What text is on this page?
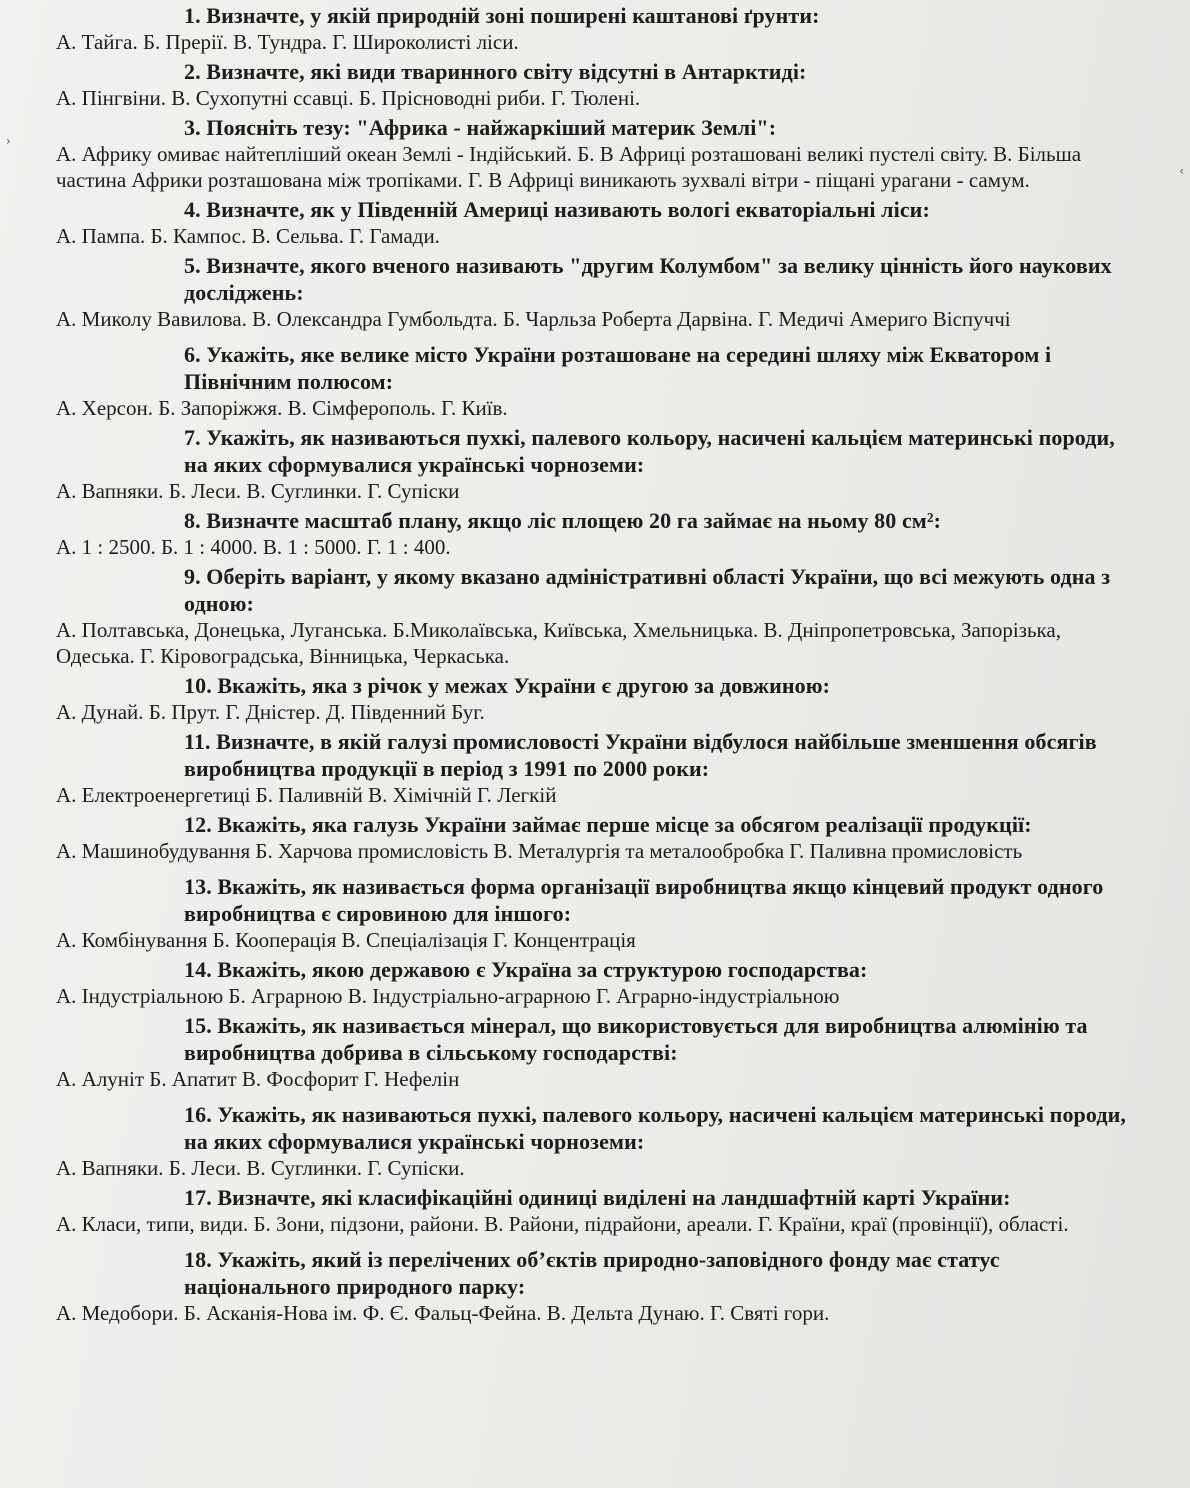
›
‹
1. Визначте, у якій природній зоні поширені каштанові ґрунти:
А. Тайга. Б. Прерії. В. Тундра. Г. Широколисті ліси.
2. Визначте, які види тваринного світу відсутні в Антарктиді:
А. Пінгвіни. В. Сухопутні ссавці. Б. Прісноводні риби. Г. Тюлені.
3. Поясніть тезу: "Африка - найжаркіший материк Землі":
А. Африку омиває найтепліший океан Землі - Індійський. Б. В Африці розташовані великі пустелі світу. В. Більша частина Африки розташована між тропіками. Г. В Африці виникають зухвалі вітри - піщані урагани - самум.
4. Визначте, як у Південній Америці називають вологі екваторіальні ліси:
А. Пампа. Б. Кампос. В. Сельва. Г. Гамади.
5. Визначте, якого вченого називають "другим Колумбом" за велику цінність його наукових досліджень:
А. Миколу Вавилова. В. Олександра Гумбольдта. Б. Чарльза Роберта Дарвіна. Г. Медичі Америго Віспуччі
6. Укажіть, яке велике місто України розташоване на середині шляху між Екватором і Північним полюсом:
А. Херсон. Б. Запоріжжя. В. Сімферополь. Г. Київ.
7. Укажіть, як називаються пухкі, палевого кольору, насичені кальцієм материнські породи, на яких сформувалися українські чорноземи:
А. Вапняки. Б. Леси. В. Суглинки. Г. Супіски
8. Визначте масштаб плану, якщо ліс площею 20 га займає на ньому 80 см²:
А. 1 : 2500. Б. 1 : 4000. В. 1 : 5000. Г. 1 : 400.
9. Оберіть варіант, у якому вказано адміністративні області України, що всі межують одна з одною:
А. Полтавська, Донецька, Луганська. Б.Миколаївська, Київська, Хмельницька. В. Дніпропетровська, Запорізька, Одеська. Г. Кіровоградська, Вінницька, Черкаська.
10. Вкажіть, яка з річок у межах України є другою за довжиною:
А. Дунай. Б. Прут. Г. Дністер. Д. Південний Буг.
11. Визначте, в якій галузі промисловості України відбулося найбільше зменшення обсягів виробництва продукції в період з 1991 по 2000 роки:
А. Електроенергетиці Б. Паливній В. Хімічній Г. Легкій
12. Вкажіть, яка галузь України займає перше місце за обсягом реалізації продукції:
А. Машинобудування Б. Харчова промисловість В. Металургія та металообробка Г. Паливна промисловість
13. Вкажіть, як називається форма організації виробництва якщо кінцевий продукт одного виробництва є сировиною для іншого:
А. Комбінування Б. Кооперація В. Спеціалізація Г. Концентрація
14. Вкажіть, якою державою є Україна за структурою господарства:
А. Індустріальною Б. Аграрною В. Індустріально-аграрною Г. Аграрно-індустріальною
15. Вкажіть, як називається мінерал, що використовується для виробництва алюмінію та виробництва добрива в сільському господарстві:
А. Алуніт Б. Апатит В. Фосфорит Г. Нефелін
16. Укажіть, як називаються пухкі, палевого кольору, насичені кальцієм материнські породи, на яких сформувалися українські чорноземи:
А. Вапняки. Б. Леси. В. Суглинки. Г. Супіски.
17. Визначте, які класифікаційні одиниці виділені на ландшафтній карті України:
А. Класи, типи, види. Б. Зони, підзони, райони. В. Райони, підрайони, ареали. Г. Країни, краї (провінції), області.
18. Укажіть, який із перелічених об’єктів природно-заповідного фонду має статус національного природного парку:
А. Медобори. Б. Асканія-Нова ім. Ф. Є. Фальц-Фейна. В. Дельта Дунаю. Г. Святі гори.
